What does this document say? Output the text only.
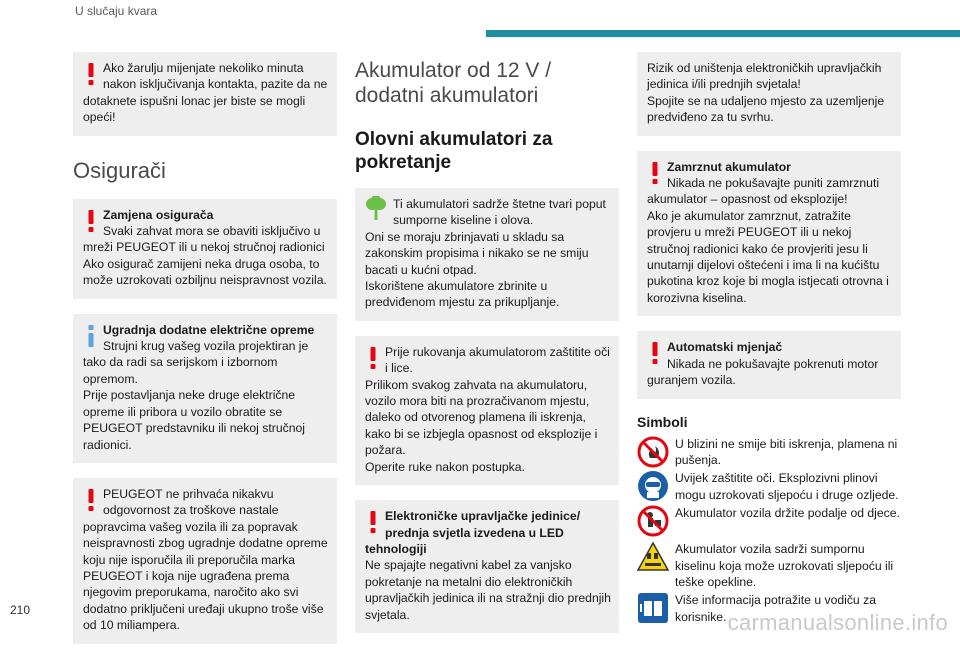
U slučaju kvara

Ako žarulju mijenjate nekoliko minuta nakon isključivanja kontakta, pazite da ne dotaknete ispušni lonac jer biste se mogli opeći!

Osigurači
Zamjena osigurača

Svaki zahvat mora se obaviti isključivo u mreži PEUGEOT ili u nekoj stručnoj radionici Ako osigurač zamijeni neka druga osoba, to može uzrokovati ozbiljnu neispravnost vozila.

Ugradnja dodatne električne opreme

Strujni krug vašeg vozila projektiran je tako da radi sa serijskom i izbornom opremom.

Prije postavljanja neke druge električne opreme ili pribora u vozilo obratite se PEUGEOT predstavniku ili nekoj stručnoj radionici.

PEUGEOT ne prihvaća nikakvu odgovornost za troškove nastale popravcima vašeg vozila ili za popravak neispravnosti zbog ugradnje dodatne opreme koju nije isporučila ili preporučila marka PEUGEOT i koja nije ugrađena prema njegovim preporukama, naročito ako svi dodatno priključeni uređaji ukupno troše više od 10 miliampera.

Akumulator od 12 V / dodatni akumulatori
Olovni akumulatori za pokretanje

Ti akumulatori sadrže štetne tvari poput sumporne kiseline i olova.

Oni se moraju zbrinjavati u skladu sa zakonskim propisima i nikako se ne smiju bacati u kućni otpad.

Iskorištene akumulatore zbrinite u predviđenom mjestu za prikupljanje.

Prije rukovanja akumulatorom zaštitite oči i lice.

Prilikom svakog zahvata na akumulatoru, vozilo mora biti na prozračivanom mjestu, daleko od otvorenog plamena ili iskrenja, kako bi se izbjegla opasnost od eksplozije i požara.

Operite ruke nakon postupka.

Elektroničke upravljačke jedinice/ prednja svjetla izvedena u LED tehnologiji

Ne spajajte negativni kabel za vanjsko pokretanje na metalni dio elektroničkih upravljačkih jedinica ili na stražnji dio prednjih svjetala.

Rizik od uništenja elektroničkih upravljačkih jedinica i/ili prednjih svjetala!

Spojite se na udaljeno mjesto za uzemljenje predviđeno za tu svrhu.

Zamrznut akumulator

Nikada ne pokušavajte puniti zamrznuti akumulator – opasnost od eksplozije!

Ako je akumulator zamrznut, zatražite provjeru u mreži PEUGEOT ili u nekoj stručnoj radionici kako će provjeriti jesu li unutarnji dijelovi oštećeni i ima li na kućištu pukotina kroz koje bi mogla istjecati otrovna i korozivna kiselina.

Automatski mjenjač

Nikada ne pokušavajte pokrenuti motor guranjem vozila.

Simboli
U blizini ne smije biti iskrenja, plamena ni pušenja.
Uvijek zaštitite oči. Eksplozivni plinovi mogu uzrokovati sljepoću i druge ozljede.
Akumulator vozila držite podalje od djece.
Akumulator vozila sadrži sumpornu kiselinu koja može uzrokovati sljepoću ili teške opekline.
Više informacija potražite u vodiču za korisnike.
210	carmanualsonline.info
